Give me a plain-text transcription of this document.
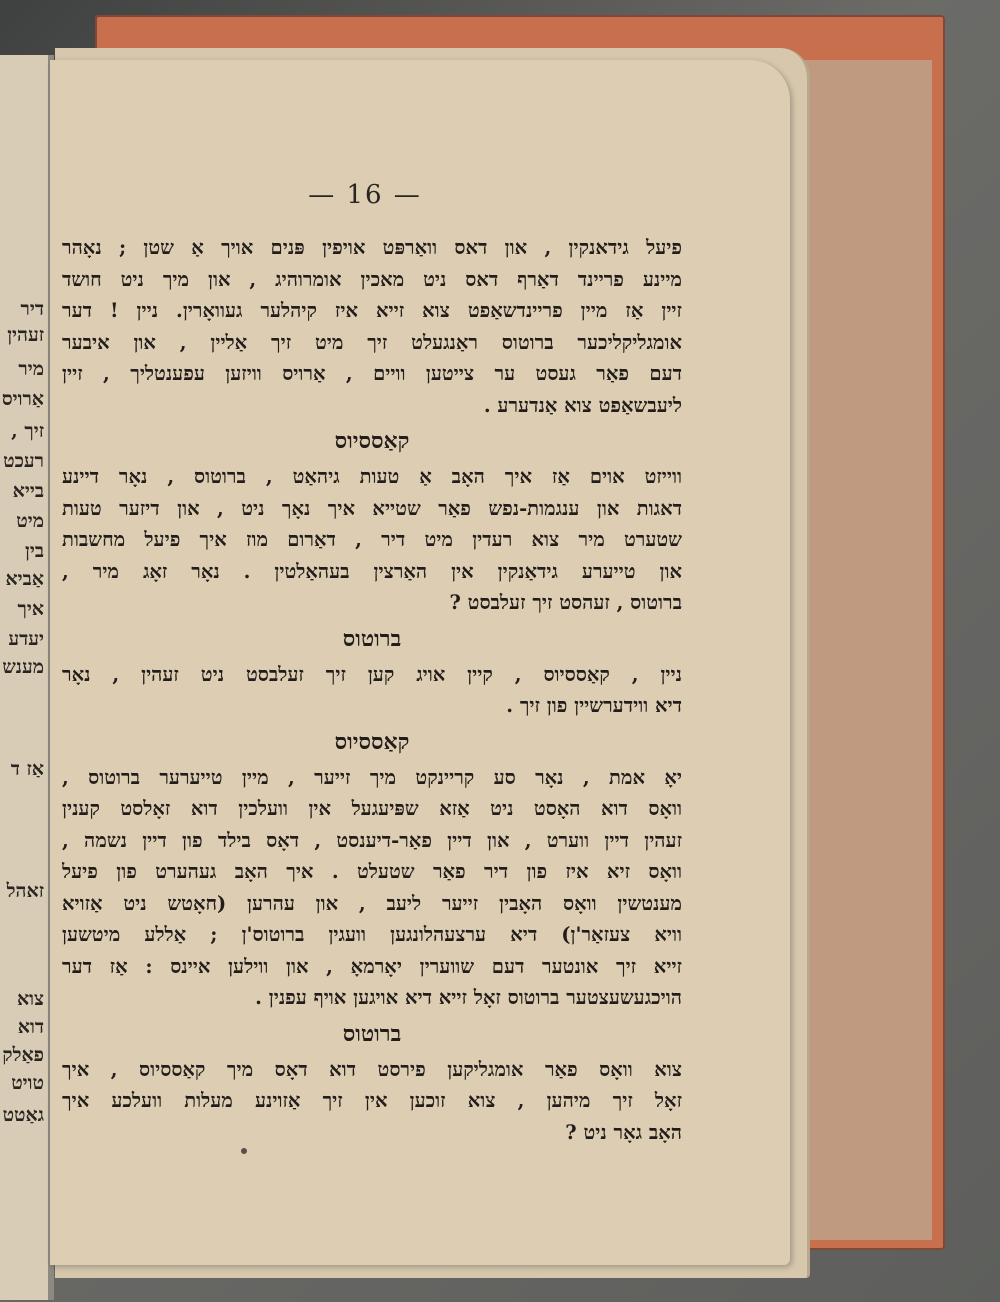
דיר
זעהין
מיר
אַרויס
זיך ,
רעכט
בייא
מיט
בין
אַביא
איך
יעדע
מענש
אַז ד
זאהל
צוא
דוא
פאַלק
טויט
גאַטט
— 16 —
פיעל גידאנקין , און דאס וואַרפּט אויפין פּנים אויך אַ שטן ; נאָהר
מיינע פריינד דאַרף דאס ניט מאכין אומרוהיג , און מיך ניט חושד
זיין אַז מיין פריינדשאַפט צוא זייא איז קיהלער געוואָרין. ניין ! דער
אומגליקליכער ברוטוס ראַנגעלט זיך מיט זיך אַליין , און איבער
דעם פאַר געסט ער צייטען וויים , אַרויס וויזען עפענטליך , זיין
ליעבשאַפט צוא אַנדערע .
קאַססיוס
ווייזט אוים אַז איך האָב אַ טעות גיהאַט , ברוטוס , נאָר דיינע
דאגות און ענגמות-נפש פאַר שטייא איך נאָך ניט , און דיזער טעות
שטערט מיר צוא רעדין מיט דיר , דאַרום מוז איך פיעל מחשבות
און טייערע גידאַנקין אין האַרצין בעהאַלטין . נאָר זאָג מיר ,
ברוטוס , זעהסט זיך זעלבסט ?
ברוטוס
ניין , קאַססיוס , קיין אויג קען זיך זעלבסט ניט זעהין , נאָר
דיא ווידערשיין פון זיך .
קאַססיוס
יאָ אמת , נאָר סע קריינקט מיך זייער , מיין טייערער ברוטוס ,
וואָס דוא האָסט ניט אַזא שפּיעגעל אין וועלכין דוא זאָלסט קענין
זעהין דיין ווערט , און דיין פאַר-דיענסט , דאָס בילד פון דיין נשמה ,
וואָס זיא איז פון דיר פאַר שטעלט . איך האָב געהערט פון פיעל
מענטשין וואָס האָבין זייער ליעב , און עהרען (חאָטש ניט אַזויא
וויא צעזאַר'ן) דיא ערצעהלונגען וועגין ברוטוס'ן ; אַללע מיטשען
זייא זיך אונטער דעם שווערין יאָרמאָ , און ווילען איינס : אַז דער
הויכגעשעצטער ברוטוס זאָל זייא דיא אויגען אויף עפנין .
ברוטוס
צוא וואָס פאַר אומגליקען פירסט דוא דאָס מיך קאַססיוס , איך
זאָל זיך מיהען , צוא זוכען אין זיך אַזוינע מעלות וועלכע איך
האָב גאָר ניט ?
